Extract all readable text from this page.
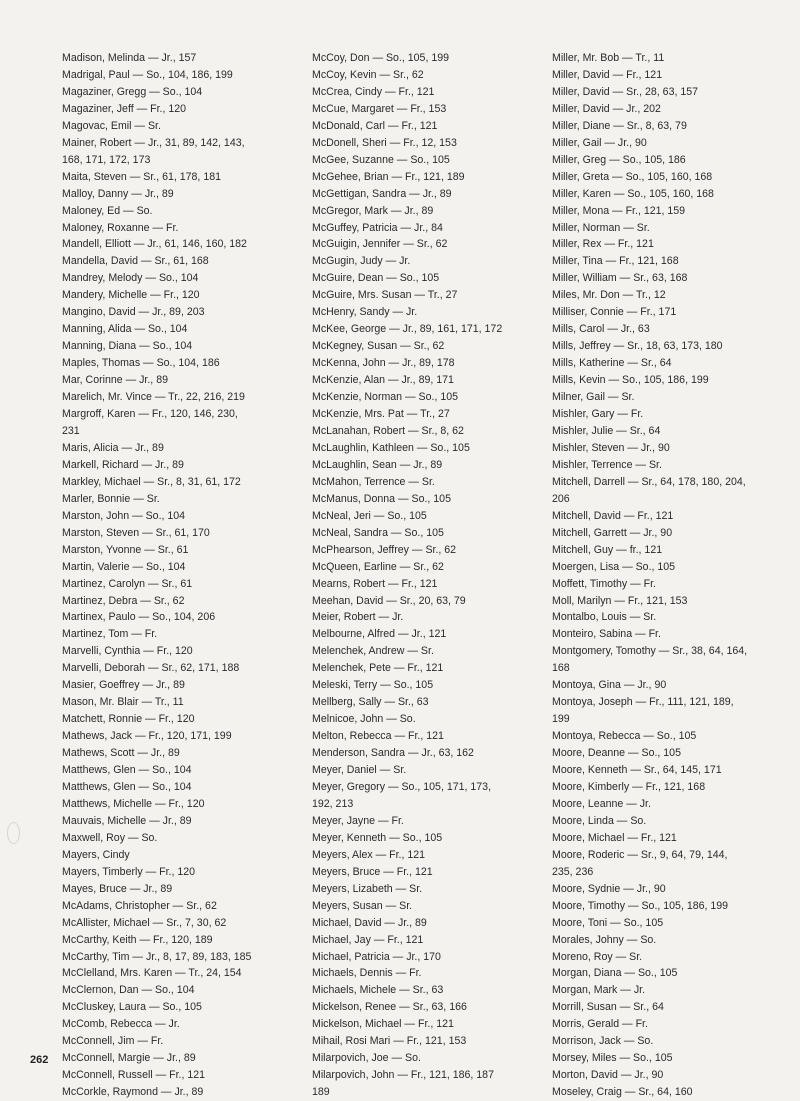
Madison, Melinda — Jr., 157
Madrigal, Paul — So., 104, 186, 199
Magaziner, Gregg — So., 104
Magaziner, Jeff — Fr., 120
Magovac, Emil — Sr.
Mainer, Robert — Jr., 31, 89, 142, 143,
168, 171, 172, 173
Maita, Steven — Sr., 61, 178, 181
Malloy, Danny — Jr., 89
Maloney, Ed — So.
Maloney, Roxanne — Fr.
Mandell, Elliott — Jr., 61, 146, 160, 182
Mandella, David — Sr., 61, 168
Mandrey, Melody — So., 104
Mandery, Michelle — Fr., 120
Mangino, David — Jr., 89, 203
Manning, Alida — So., 104
Manning, Diana — So., 104
Maples, Thomas — So., 104, 186
Mar, Corinne — Jr., 89
Marelich, Mr. Vince — Tr., 22, 216, 219
Margroff, Karen — Fr., 120, 146, 230,
231
Maris, Alicia — Jr., 89
Markell, Richard — Jr., 89
Markley, Michael — Sr., 8, 31, 61, 172
Marler, Bonnie — Sr.
Marston, John — So., 104
Marston, Steven — Sr., 61, 170
Marston, Yvonne — Sr., 61
Martin, Valerie — So., 104
Martinez, Carolyn — Sr., 61
Martinez, Debra — Sr., 62
Martinex, Paulo — So., 104, 206
Martinez, Tom — Fr.
Marvelli, Cynthia — Fr., 120
Marvelli, Deborah — Sr., 62, 171, 188
Masier, Goeffrey — Jr., 89
Mason, Mr. Blair — Tr., 11
Matchett, Ronnie — Fr., 120
Mathews, Jack — Fr., 120, 171, 199
Mathews, Scott — Jr., 89
Matthews, Glen — So., 104
Matthews, Glen — So., 104
Matthews, Michelle — Fr., 120
Mauvais, Michelle — Jr., 89
Maxwell, Roy — So.
Mayers, Cindy
Mayers, Timberly — Fr., 120
Mayes, Bruce — Jr., 89
McAdams, Christopher — Sr., 62
McAllister, Michael — Sr., 7, 30, 62
McCarthy, Keith — Fr., 120, 189
McCarthy, Tim — Jr., 8, 17, 89, 183, 185
McClelland, Mrs. Karen — Tr., 24, 154
McClernon, Dan — So., 104
McCluskey, Laura — So., 105
McComb, Rebecca — Jr.
McConnell, Jim — Fr.
McConnell, Margie — Jr., 89
McConnell, Russell — Fr., 121
McCorkle, Raymond — Jr., 89
McCoy, Don — So., 105, 199
McCoy, Kevin — Sr., 62
McCrea, Cindy — Fr., 121
McCue, Margaret — Fr., 153
McDonald, Carl — Fr., 121
McDonell, Sheri — Fr., 12, 153
McGee, Suzanne — So., 105
McGehee, Brian — Fr., 121, 189
McGettigan, Sandra — Jr., 89
McGregor, Mark — Jr., 89
McGuffey, Patricia — Jr., 84
McGuigin, Jennifer — Sr., 62
McGugin, Judy — Jr.
McGuire, Dean — So., 105
McGuire, Mrs. Susan — Tr., 27
McHenry, Sandy — Jr.
McKee, George — Jr., 89, 161, 171, 172
McKegney, Susan — Sr., 62
McKenna, John — Jr., 89, 178
McKenzie, Alan — Jr., 89, 171
McKenzie, Norman — So., 105
McKenzie, Mrs. Pat — Tr., 27
McLanahan, Robert — Sr., 8, 62
McLaughlin, Kathleen — So., 105
McLaughlin, Sean — Jr., 89
McMahon, Terrence — Sr.
McManus, Donna — So., 105
McNeal, Jeri — So., 105
McNeal, Sandra — So., 105
McPhearson, Jeffrey — Sr., 62
McQueen, Earline — Sr., 62
Mearns, Robert — Fr., 121
Meehan, David — Sr., 20, 63, 79
Meier, Robert — Jr.
Melbourne, Alfred — Jr., 121
Melenchek, Andrew — Sr.
Melenchek, Pete — Fr., 121
Meleski, Terry — So., 105
Mellberg, Sally — Sr., 63
Melnicoe, John — So.
Melton, Rebecca — Fr., 121
Menderson, Sandra — Jr., 63, 162
Meyer, Daniel — Sr.
Meyer, Gregory — So., 105, 171, 173,
192, 213
Meyer, Jayne — Fr.
Meyer, Kenneth — So., 105
Meyers, Alex — Fr., 121
Meyers, Bruce — Fr., 121
Meyers, Lizabeth — Sr.
Meyers, Susan — Sr.
Michael, David — Jr., 89
Michael, Jay — Fr., 121
Michael, Patricia — Jr., 170
Michaels, Dennis — Fr.
Michaels, Michele — Sr., 63
Mickelson, Renee — Sr., 63, 166
Mickelson, Michael — Fr., 121
Mihail, Rosi Mari — Fr., 121, 153
Milarpovich, Joe — So.
Milarpovich, John — Fr., 121, 186, 187
189
Miller, Mr. Bob — Tr., 11
Miller, David — Fr., 121
Miller, David — Sr., 28, 63, 157
Miller, David — Jr., 202
Miller, Diane — Sr., 8, 63, 79
Miller, Gail — Jr., 90
Miller, Greg — So., 105, 186
Miller, Greta — So., 105, 160, 168
Miller, Karen — So., 105, 160, 168
Miller, Mona — Fr., 121, 159
Miller, Norman — Sr.
Miller, Rex — Fr., 121
Miller, Tina — Fr., 121, 168
Miller, William — Sr., 63, 168
Miles, Mr. Don — Tr., 12
Milliser, Connie — Fr., 171
Mills, Carol — Jr., 63
Mills, Jeffrey — Sr., 18, 63, 173, 180
Mills, Katherine — Sr., 64
Mills, Kevin — So., 105, 186, 199
Milner, Gail — Sr.
Mishler, Gary — Fr.
Mishler, Julie — Sr., 64
Mishler, Steven — Jr., 90
Mishler, Terrence — Sr.
Mitchell, Darrell — Sr., 64, 178, 180, 204,
206
Mitchell, David — Fr., 121
Mitchell, Garrett — Jr., 90
Mitchell, Guy — fr., 121
Moergen, Lisa — So., 105
Moffett, Timothy — Fr.
Moll, Marilyn — Fr., 121, 153
Montalbo, Louis — Sr.
Monteiro, Sabina — Fr.
Montgomery, Tomothy — Sr., 38, 64, 164,
168
Montoya, Gina — Jr., 90
Montoya, Joseph — Fr., 111, 121, 189,
199
Montoya, Rebecca — So., 105
Moore, Deanne — So., 105
Moore, Kenneth — Sr., 64, 145, 171
Moore, Kimberly — Fr., 121, 168
Moore, Leanne — Jr.
Moore, Linda — So.
Moore, Michael — Fr., 121
Moore, Roderic — Sr., 9, 64, 79, 144,
235, 236
Moore, Sydnie — Jr., 90
Moore, Timothy — So., 105, 186, 199
Moore, Toni — So., 105
Morales, Johny — So.
Moreno, Roy — Sr.
Morgan, Diana — So., 105
Morgan, Mark — Jr.
Morrill, Susan — Sr., 64
Morris, Gerald — Fr.
Morrison, Jack — So.
Morsey, Miles — So., 105
Morton, David — Jr., 90
Moseley, Craig — Sr., 64, 160
262
